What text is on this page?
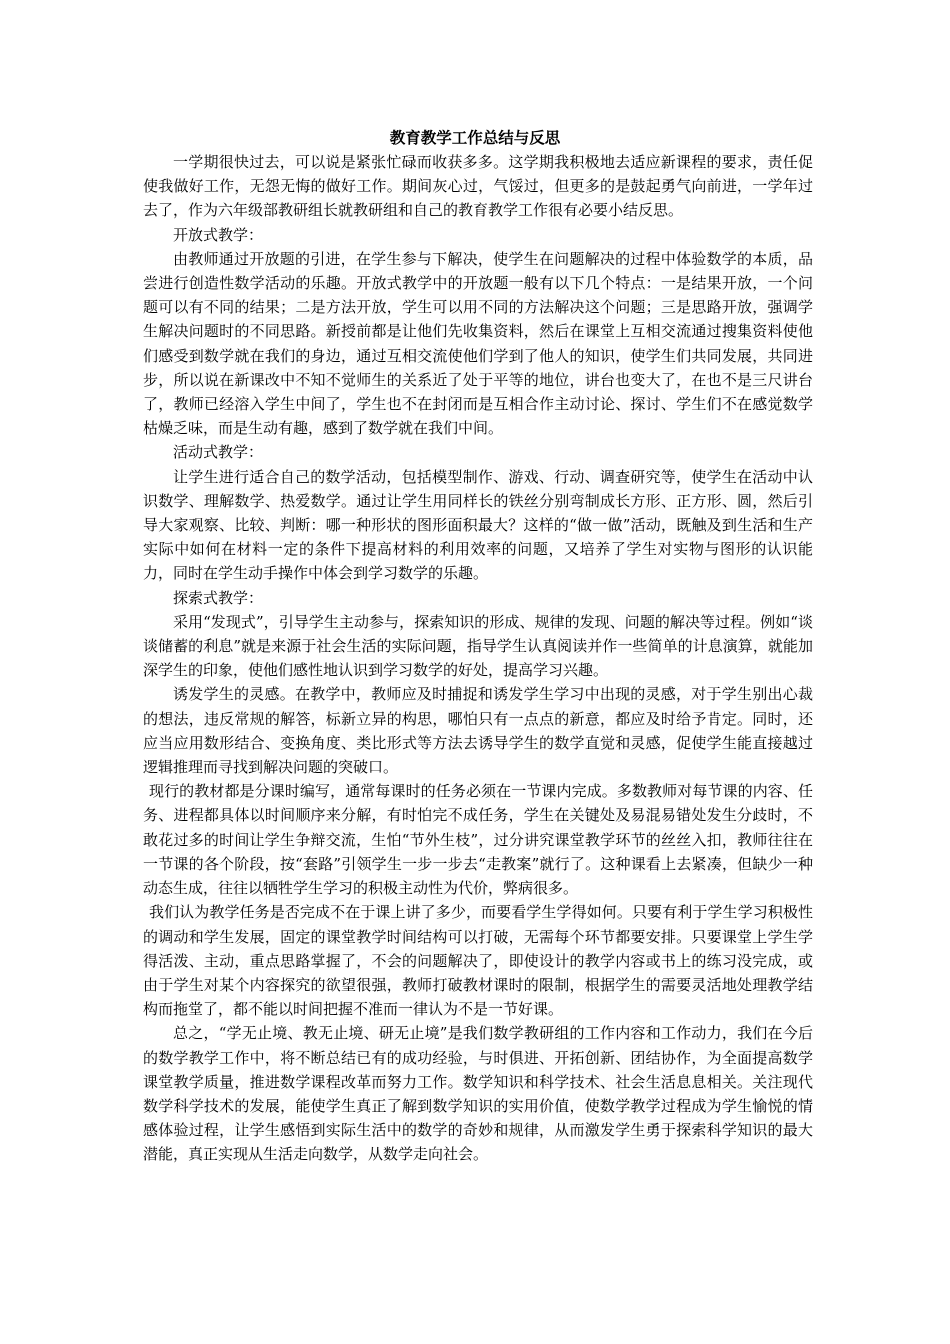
教育教学工作总结与反思

一学期很快过去，可以说是紧张忙碌而收获多多。这学期我积极地去适应新课程的要求，责任促使我做好工作，无怨无悔的做好工作。期间灰心过，气馁过，但更多的是鼓起勇气向前进，一学年过去了，作为六年级部教研组长就教研组和自己的教育教学工作很有必要小结反思。

开放式教学：

由教师通过开放题的引进，在学生参与下解决，使学生在问题解决的过程中体验数学的本质，品尝进行创造性数学活动的乐趣。开放式教学中的开放题一般有以下几个特点：一是结果开放，一个问题可以有不同的结果；二是方法开放，学生可以用不同的方法解决这个问题；三是思路开放，强调学生解决问题时的不同思路。新授前都是让他们先收集资料，然后在课堂上互相交流通过搜集资料使他们感受到数学就在我们的身边，通过互相交流使他们学到了他人的知识，使学生们共同发展，共同进步，所以说在新课改中不知不觉师生的关系近了处于平等的地位，讲台也变大了，在也不是三尺讲台了，教师已经溶入学生中间了，学生也不在封闭而是互相合作主动讨论、探讨、学生们不在感觉数学枯燥乏味，而是生动有趣，感到了数学就在我们中间。

活动式教学：

让学生进行适合自己的数学活动，包括模型制作、游戏、行动、调查研究等，使学生在活动中认识数学、理解数学、热爱数学。通过让学生用同样长的铁丝分别弯制成长方形、正方形、圆，然后引导大家观察、比较、判断：哪一种形状的图形面积最大？这样的“做一做”活动，既触及到生活和生产实际中如何在材料一定的条件下提高材料的利用效率的问题，又培养了学生对实物与图形的认识能力，同时在学生动手操作中体会到学习数学的乐趣。

探索式教学：

采用“发现式”，引导学生主动参与，探索知识的形成、规律的发现、问题的解决等过程。例如“谈谈储蓄的利息”就是来源于社会生活的实际问题，指导学生认真阅读并作一些简单的计息演算，就能加深学生的印象，使他们感性地认识到学习数学的好处，提高学习兴趣。

诱发学生的灵感。在教学中，教师应及时捕捉和诱发学生学习中出现的灵感，对于学生别出心裁的想法，违反常规的解答，标新立异的构思，哪怕只有一点点的新意，都应及时给予肯定。同时，还应当应用数形结合、变换角度、类比形式等方法去诱导学生的数学直觉和灵感，促使学生能直接越过逻辑推理而寻找到解决问题的突破口。

现行的教材都是分课时编写，通常每课时的任务必须在一节课内完成。多数教师对每节课的内容、任务、进程都具体以时间顺序来分解，有时怕完不成任务，学生在关键处及易混易错处发生分歧时，不敢花过多的时间让学生争辩交流，生怕“节外生枝”，过分讲究课堂教学环节的丝丝入扣，教师往往在一节课的各个阶段，按“套路”引领学生一步一步去“走教案”就行了。这种课看上去紧凑，但缺少一种动态生成，往往以牺牲学生学习的积极主动性为代价，弊病很多。

我们认为教学任务是否完成不在于课上讲了多少，而要看学生学得如何。只要有利于学生学习积极性的调动和学生发展，固定的课堂教学时间结构可以打破，无需每个环节都要安排。只要课堂上学生学得活泼、主动，重点思路掌握了，不会的问题解决了，即使设计的教学内容或书上的练习没完成，或由于学生对某个内容探究的欲望很强，教师打破教材课时的限制，根据学生的需要灵活地处理教学结构而拖堂了，都不能以时间把握不准而一律认为不是一节好课。

总之，“学无止境、教无止境、研无止境”是我们数学教研组的工作内容和工作动力，我们在今后的数学教学工作中，将不断总结已有的成功经验，与时俱进、开拓创新、团结协作，为全面提高数学课堂教学质量，推进数学课程改革而努力工作。数学知识和科学技术、社会生活息息相关。关注现代数学科学技术的发展，能使学生真正了解到数学知识的实用价值，使数学教学过程成为学生愉悦的情感体验过程，让学生感悟到实际生活中的数学的奇妙和规律，从而激发学生勇于探索科学知识的最大潜能，真正实现从生活走向数学，从数学走向社会。
